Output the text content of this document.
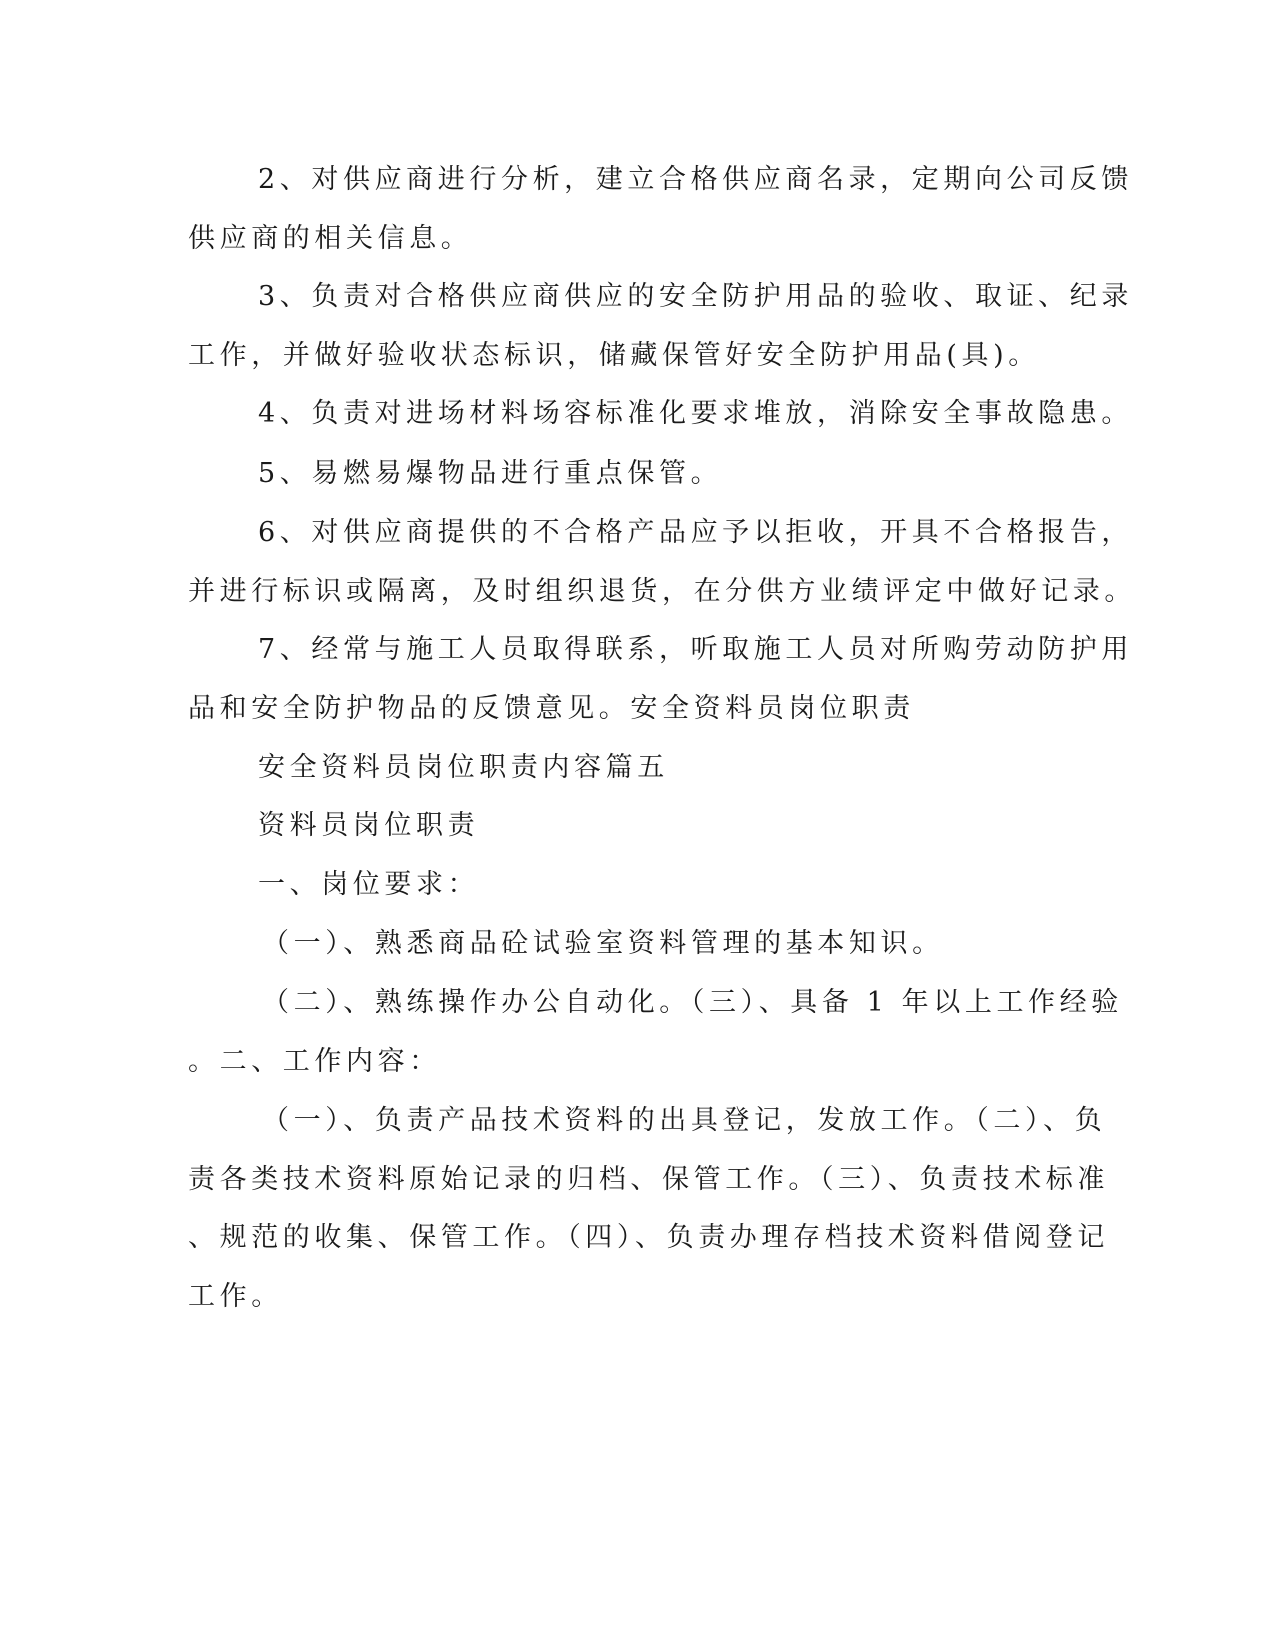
2、对供应商进行分析，建立合格供应商名录，定期向公司反馈
供应商的相关信息。
3、负责对合格供应商供应的安全防护用品的验收、取证、纪录
工作，并做好验收状态标识，储藏保管好安全防护用品(具)。
4、负责对进场材料场容标准化要求堆放，消除安全事故隐患。
5、易燃易爆物品进行重点保管。
6、对供应商提供的不合格产品应予以拒收，开具不合格报告，
并进行标识或隔离，及时组织退货，在分供方业绩评定中做好记录。
7、经常与施工人员取得联系，听取施工人员对所购劳动防护用
品和安全防护物品的反馈意见。安全资料员岗位职责
安全资料员岗位职责内容篇五
资料员岗位职责
一、岗位要求：
（一）、熟悉商品砼试验室资料管理的基本知识。
（二）、熟练操作办公自动化。（三）、具备 1 年以上工作经验
。二、工作内容：
（一）、负责产品技术资料的出具登记，发放工作。（二）、负
责各类技术资料原始记录的归档、保管工作。（三）、负责技术标准
、规范的收集、保管工作。（四）、负责办理存档技术资料借阅登记
工作。
